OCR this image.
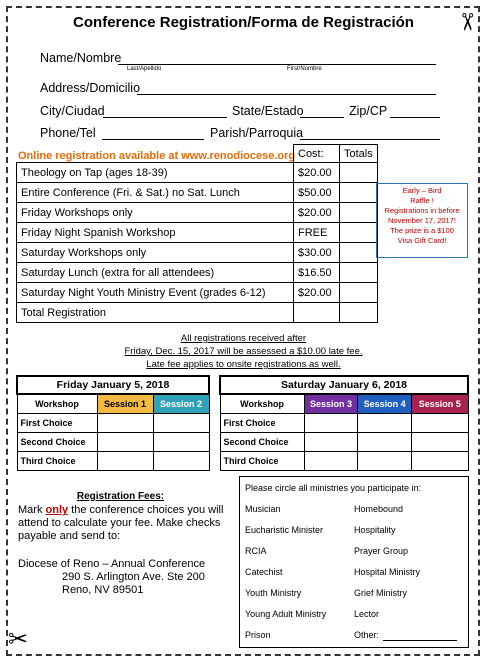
✂
✂
Conference Registration/Forma de Registración
Name/Nombre
Last/Apellido	First/Nombre
Address/Domicilio
City/Ciudad	State/Estado	Zip/CP
Phone/Tel	Parish/Parroquia
Online registration available at www.renodiocese.org
	Cost:	Totals
Theology on Tap (ages 18-39)	$20.00	
Entire Conference (Fri. & Sat.) no Sat. Lunch	$50.00	
Friday Workshops only	$20.00	
Friday Night Spanish Workshop	FREE	
Saturday Workshops only	$30.00	
Saturday Lunch (extra for all attendees)	$16.50	
Saturday Night Youth Ministry Event (grades 6-12)	$20.00	
Total Registration		
Early – Bird
Raffle !
Registrations in before
November 17, 2017!
The prize is a $100
Visa Gift Card!
All registrations received after
Friday, Dec. 15, 2017 will be assessed a $10.00 late fee.
Late fee applies to onsite registrations as well.
Friday January 5, 2018		
Workshop	Session 1	Session 2
First Choice		
Second Choice		
Third Choice		
Saturday January 6, 2018			
Workshop	Session 3	Session 4	Session 5
First Choice			
Second Choice			
Third Choice			
Registration Fees:
Mark only the conference choices you will attend to calculate your fee. Make checks payable and send to:
Diocese of Reno – Annual Conference
290 S. Arlington Ave. Ste 200
Reno, NV 89501
Please circle all ministries you participate in:
Musician
Eucharistic Minister
RCIA
Catechist
Youth Ministry
Young Adult Ministry
Prison
Homebound
Hospitality
Prayer Group
Hospital Ministry
Grief Ministry
Lector
Other:
